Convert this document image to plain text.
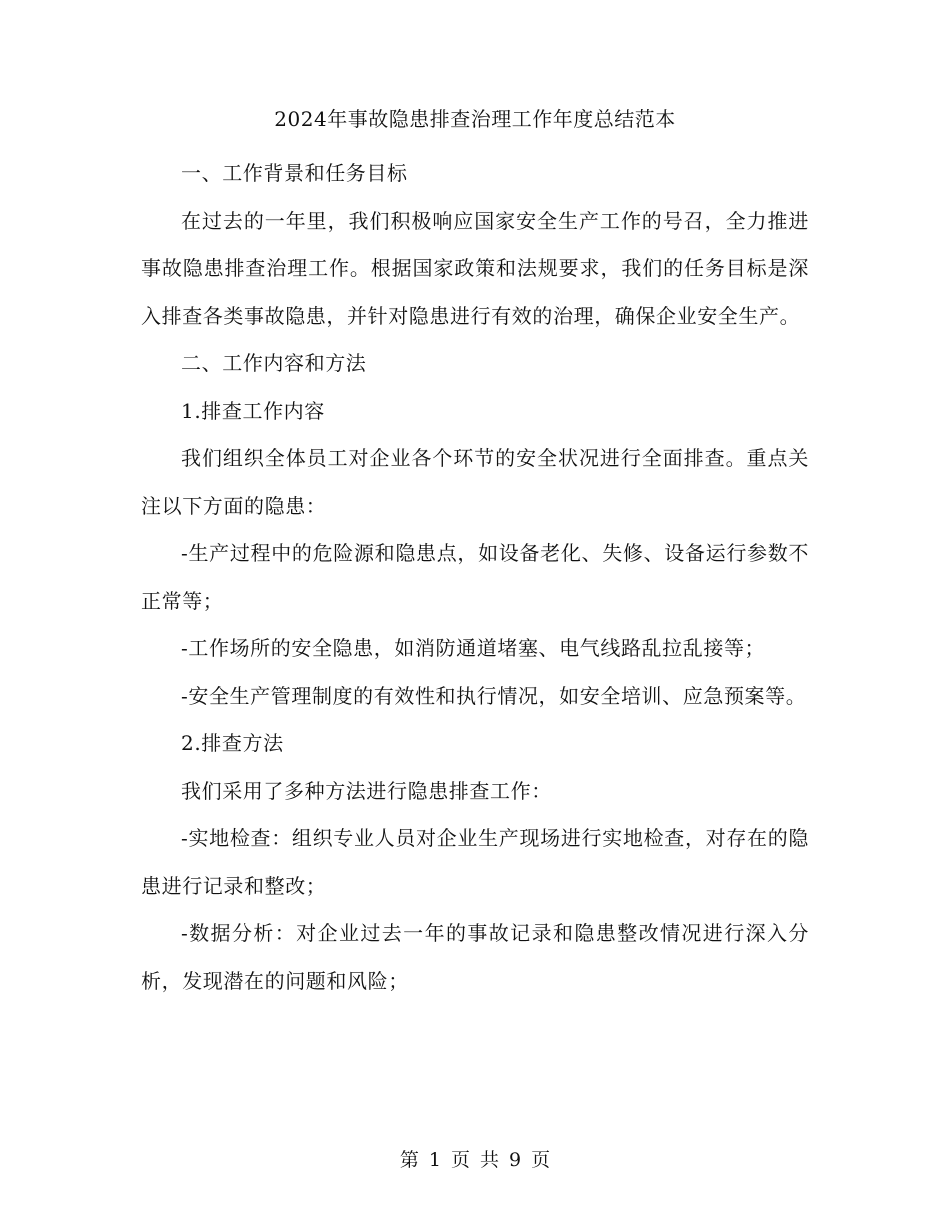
2024年事故隐患排查治理工作年度总结范本

一、工作背景和任务目标

在过去的一年里，我们积极响应国家安全生产工作的号召，全力推进事故隐患排查治理工作。根据国家政策和法规要求，我们的任务目标是深入排查各类事故隐患，并针对隐患进行有效的治理，确保企业安全生产。

二、工作内容和方法

1.排查工作内容

我们组织全体员工对企业各个环节的安全状况进行全面排查。重点关注以下方面的隐患：

-生产过程中的危险源和隐患点，如设备老化、失修、设备运行参数不正常等；

-工作场所的安全隐患，如消防通道堵塞、电气线路乱拉乱接等；

-安全生产管理制度的有效性和执行情况，如安全培训、应急预案等。

2.排查方法

我们采用了多种方法进行隐患排查工作：

-实地检查：组织专业人员对企业生产现场进行实地检查，对存在的隐患进行记录和整改；

-数据分析：对企业过去一年的事故记录和隐患整改情况进行深入分析，发现潜在的问题和风险；

第 1 页 共 9 页
